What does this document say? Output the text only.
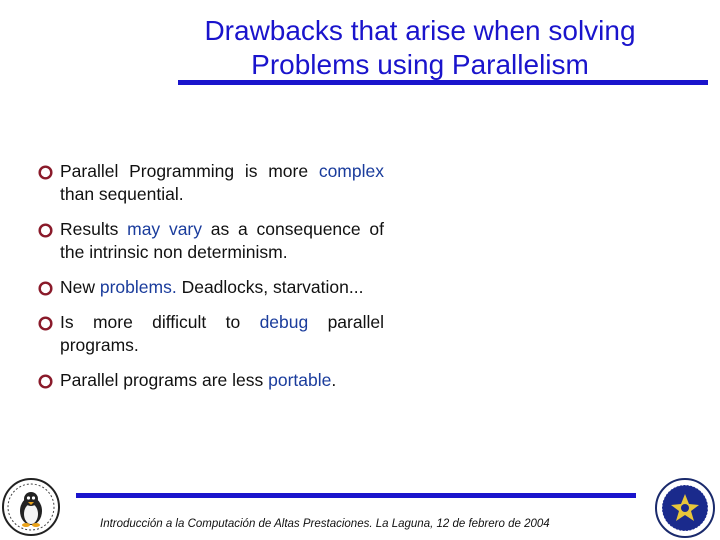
Drawbacks that arise when solving
Problems using Parallelism
Parallel Programming is more complex than sequential.
Results may vary as a consequence of the intrinsic non determinism.
New problems. Deadlocks, starvation...
Is more difficult to debug parallel programs.
Parallel programs are less portable.
Introducción a la Computación de Altas Prestaciones. La Laguna, 12 de febrero de 2004
